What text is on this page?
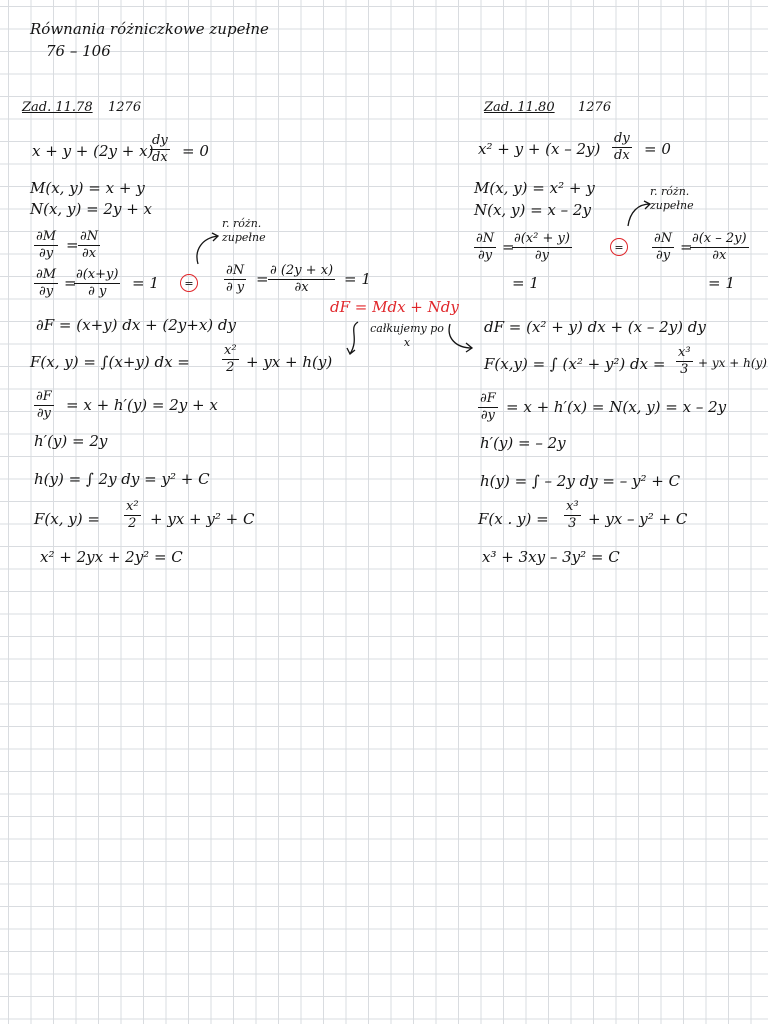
Równania różniczkowe zupełne
76 – 106
Zad. 11.78 1276
x + y + (2y + x)
$\frac{dy}{dx} = 0$
M(x, y) = x + y
N(x, y) = 2y + x
$\frac{\partial M}{\partial y} = \frac{\partial N}{\partial x}$
r. różn. zupełne
$\frac{\partial M}{\partial y}$ =
$\frac{\partial(x+y)}{\partial y} = 1$	=	$\frac{\partial N}{\partial y} = \frac{\partial (2y + x)}{\partial x} = 1$
∂F = (x+y) dx + (2y+x) dy
F(x, y) = ∫(x+y) dx = $\frac{\text{x²}}{2}$ + yx + h(y)
$\frac{\partial F}{\partial y} = x + h'(y) = 2y + x$
h′(y) = 2y
h(y) = ∫ 2y dy = y² + C
F(x, $y) = \frac{\text{x²}}{2}$ + yx + y² + C
x² + 2yx + 2y² = C
dF = Mdx + Ndy
całkujemy po x
Zad. 11.80 1276
$x^2 + y + (x - 2y) \frac{dy}{dx} = 0$
M(x, y) = x² + y
N(x, y) = x – 2y
r. różn. zupełne
$\frac{\partial N}{\partial y}$ =
$\frac{\text{∂(x² + y)}}{\partial y}$	=	$\frac{\partial N}{\partial y}$ =
$\frac{\partial(x - 2y)}{\partial x}$
= 1	= 1
dF = (x² + y) dx + (x – 2y) dy
F(x,y) = ∫ (x² + y²) dx = $\frac{\text{x³}}{3}$ + yx + h(y)
$\frac{\partial F}{\partial y} = x + h'(x) = N(x$, y) = x – 2y
h′(y) = – 2y
h(y) = ∫ – 2y dy = – y² + C
F(x . $y) = \frac{\text{x³}}{3}$ + yx – y² + C
x³ + 3xy – 3y² = C
